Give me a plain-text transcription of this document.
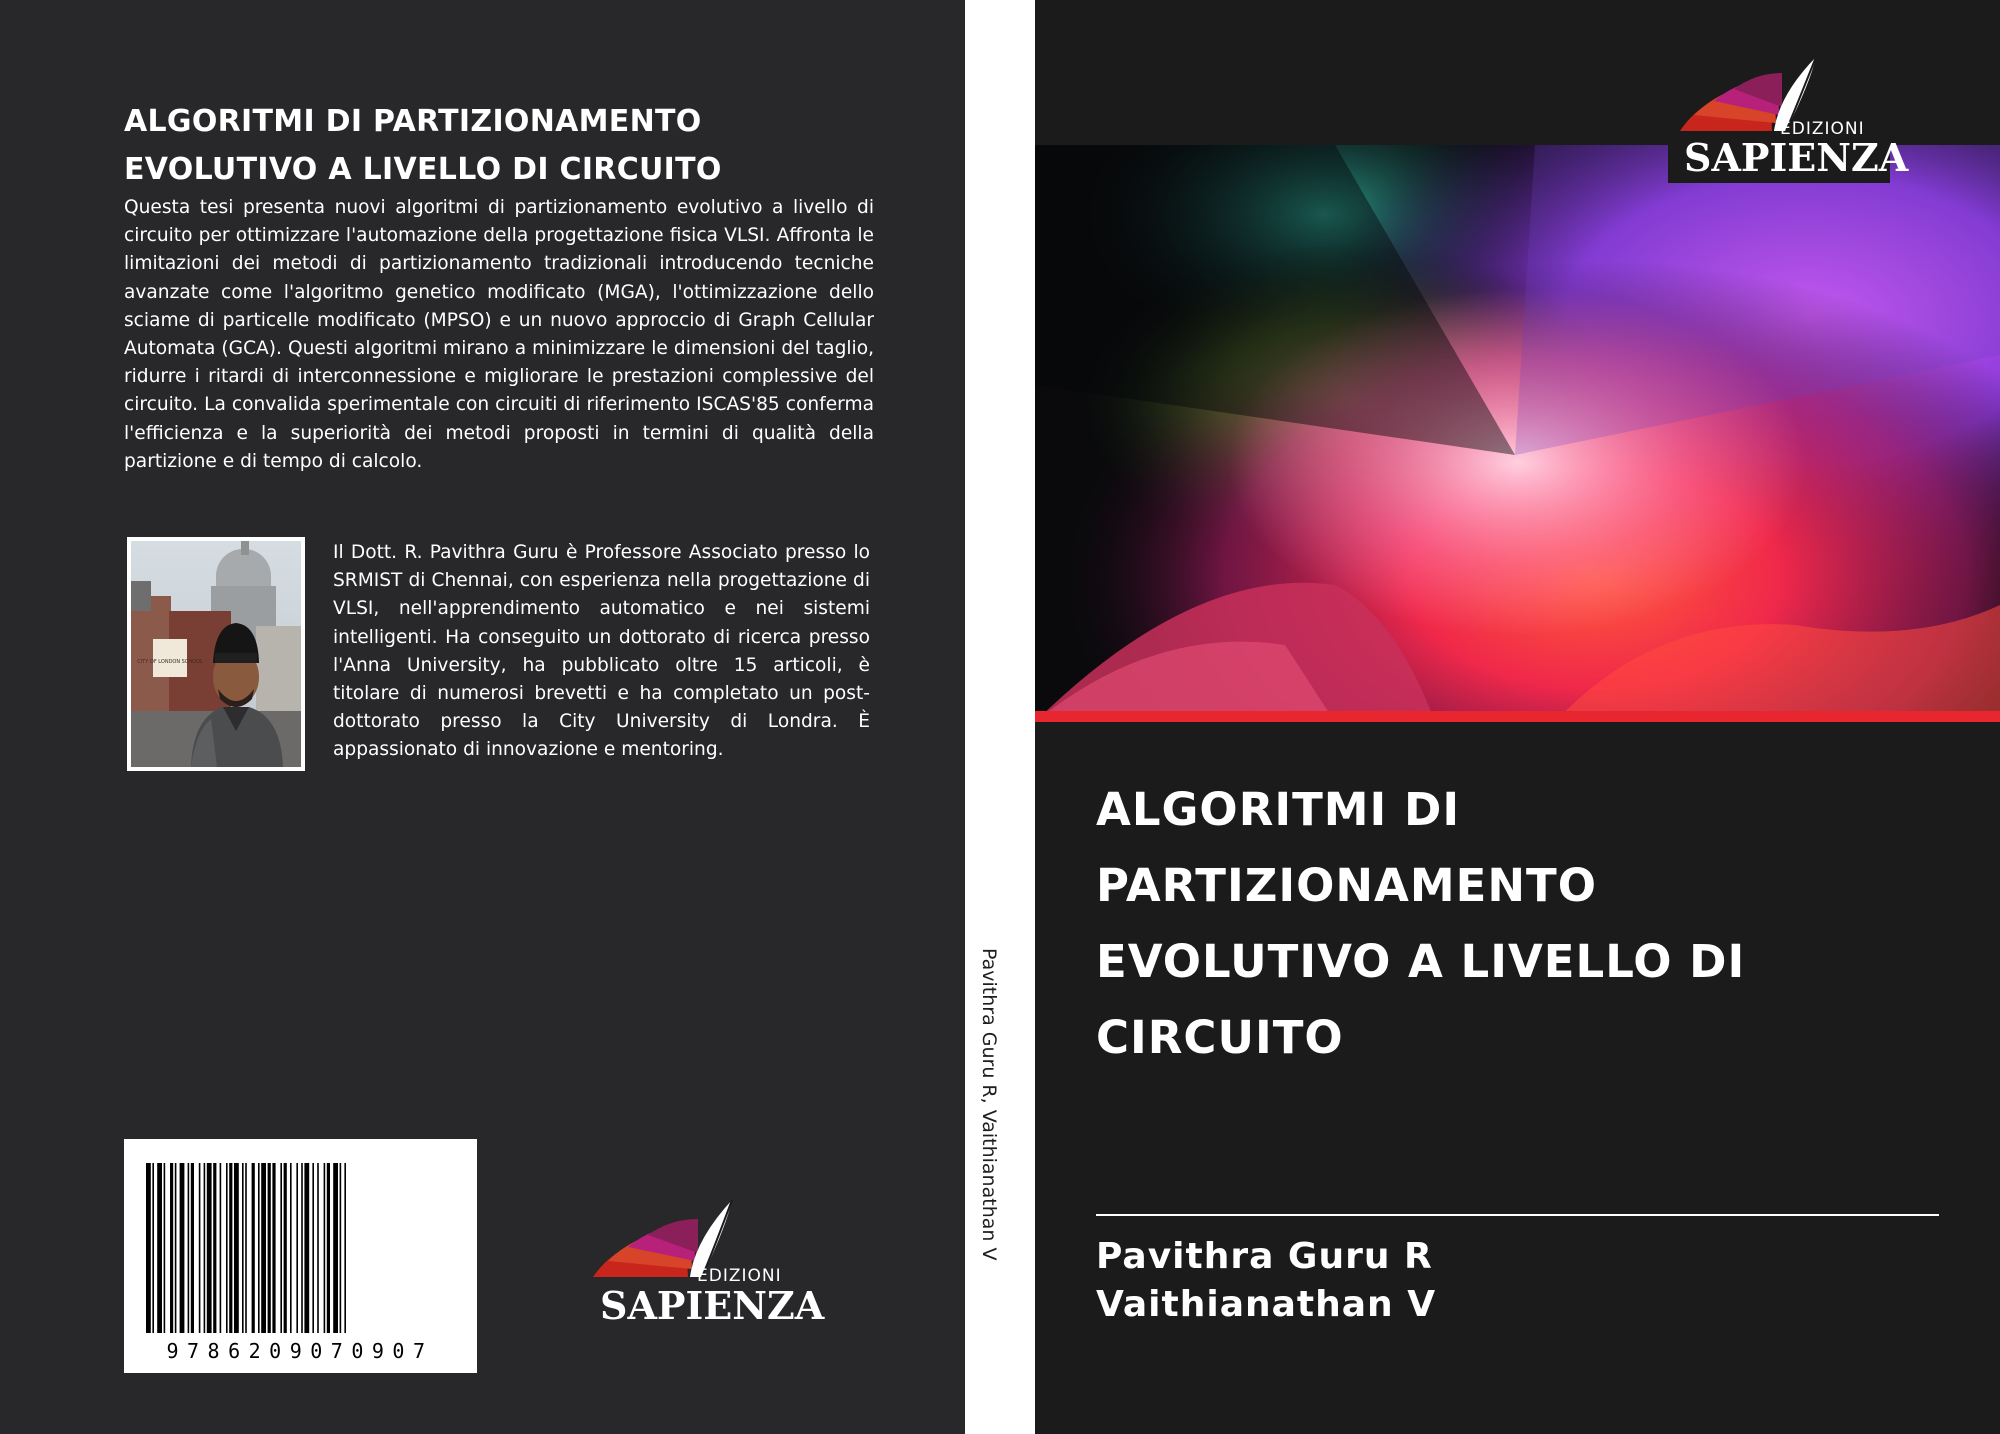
ALGORITMI DI PARTIZIONAMENTO
EVOLUTIVO A LIVELLO DI CIRCUITO

Questa tesi presenta nuovi algoritmi di partizionamento evolutivo a livello di circuito per ottimizzare l'automazione della progettazione fisica VLSI. Affronta le limitazioni dei metodi di partizionamento tradizionali introducendo tecniche avanzate come l'algoritmo genetico modificato (MGA), l'ottimizzazione dello sciame di particelle modificato (MPSO) e un nuovo approccio di Graph Cellular Automata (GCA). Questi algoritmi mirano a minimizzare le dimensioni del taglio, ridurre i ritardi di interconnessione e migliorare le prestazioni complessive del circuito. La convalida sperimentale con circuiti di riferimento ISCAS'85 conferma l'efficienza e la superiorità dei metodi proposti in termini di qualità della partizione e di tempo di calcolo.

CITY OF LONDON SCHOOL

Il Dott. R. Pavithra Guru è Professore Associato presso lo SRMIST di Chennai, con esperienza nella progettazione di VLSI, nell'apprendimento automatico e nei sistemi intelligenti. Ha conseguito un dottorato di ricerca presso l'Anna University, ha pubblicato oltre 15 articoli, è titolare di numerosi brevetti e ha completato un post-dottorato presso la City University di Londra. È appassionato di innovazione e mentoring.

9786209070907
EDIZIONI
SAPIENZA
Pavithra Guru R, Vaithianathan V
EDIZIONI
SAPIENZA
ALGORITMI DI
PARTIZIONAMENTO
EVOLUTIVO A LIVELLO DI
CIRCUITO
Pavithra Guru R
Vaithianathan V
